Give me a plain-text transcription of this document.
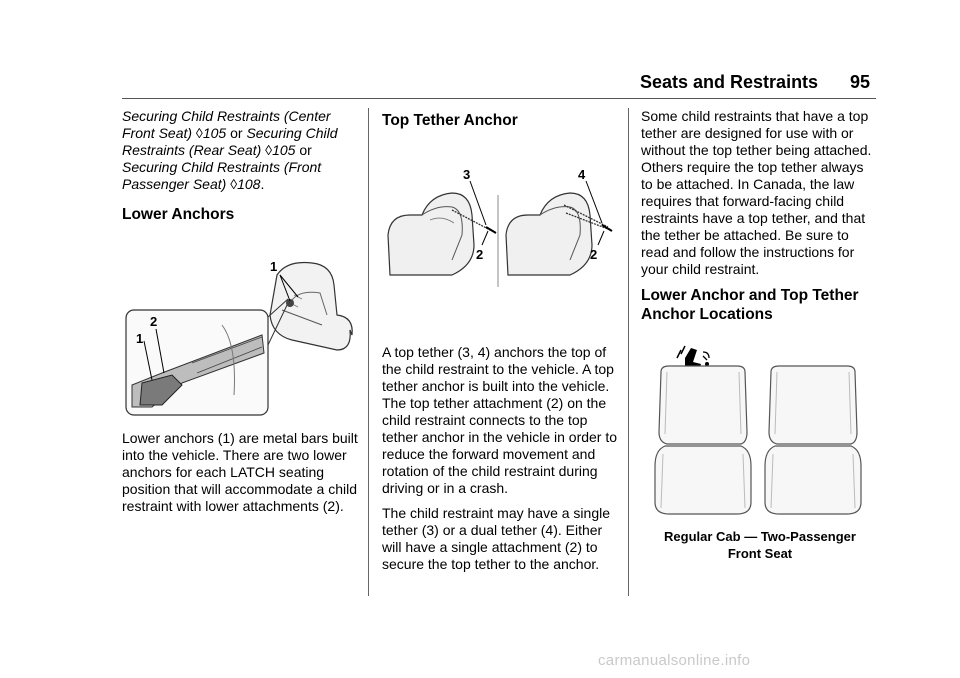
Seats and Restraints 95

Securing Child Restraints (Center Front Seat) ◊105 or Securing Child Restraints (Rear Seat) ◊105 or Securing Child Restraints (Front Passenger Seat) ◊108.

Lower Anchors
1
1
2

Lower anchors (1) are metal bars built into the vehicle. There are two lower anchors for each LATCH seating position that will accommodate a child restraint with lower attachments (2).

Top Tether Anchor
3
2
4
2

A top tether (3, 4) anchors the top of the child restraint to the vehicle. A top tether anchor is built into the vehicle. The top tether attachment (2) on the child restraint connects to the top tether anchor in the vehicle in order to reduce the forward movement and rotation of the child restraint during driving or in a crash.

The child restraint may have a single tether (3) or a dual tether (4). Either will have a single attachment (2) to secure the top tether to the anchor.

Some child restraints that have a top tether are designed for use with or without the top tether being attached. Others require the top tether always to be attached. In Canada, the law requires that forward-facing child restraints have a top tether, and that the tether be attached. Be sure to read and follow the instructions for your child restraint.

Lower Anchor and Top Tether Anchor Locations
Regular Cab — Two-Passenger
Front Seat
carmanualsonline.info
